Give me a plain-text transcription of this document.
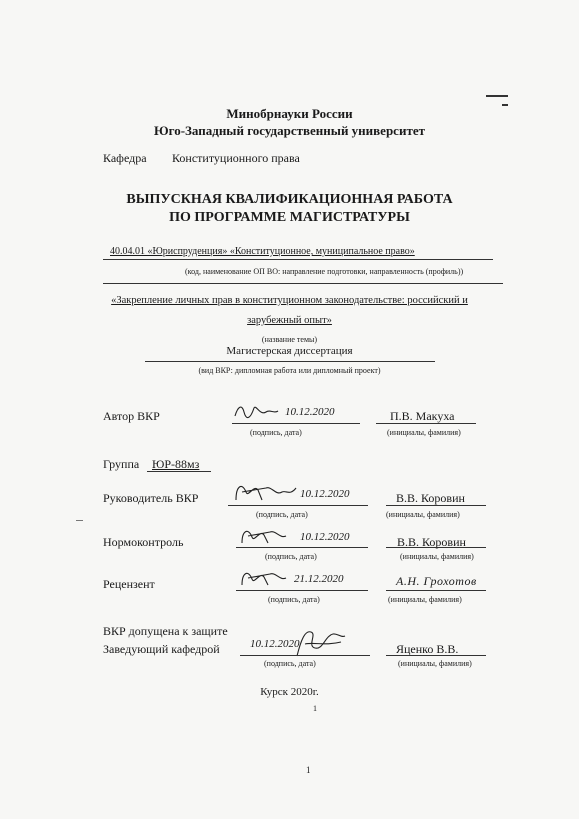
Минобрнауки России
Юго-Западный государственный университет
Кафедра Конституционного права
ВЫПУСКНАЯ КВАЛИФИКАЦИОННАЯ РАБОТА
ПО ПРОГРАММЕ МАГИСТРАТУРЫ
40.04.01 «Юриспруденция» «Конституционное, муниципальное право»
(код, наименование ОП ВО: направление подготовки, направленность (профиль))
«Закрепление личных прав в конституционном законодательстве: российский и
зарубежный опыт»
(название темы)
Магистерская диссертация
(вид ВКР: дипломная работа или дипломный проект)
Автор ВКР	10.12.2020	П.В. Макуха
(подпись, дата)	(инициалы, фамилия)
Группа ЮР-88мз
Руководитель ВКР	10.12.2020	В.В. Коровин
(подпись, дата)	(инициалы, фамилия)
Нормоконтроль	10.12.2020	В.В. Коровин
(подпись, дата)	(инициалы, фамилия)
Рецензент	21.12.2020	А.Н. Грохотов
(подпись, дата)	(инициалы, фамилия)
ВКР допущена к защите
Заведующий кафедрой	10.12.2020	Яценко В.В.
(подпись, дата)	(инициалы, фамилия)
Курск 2020г.
1
1
